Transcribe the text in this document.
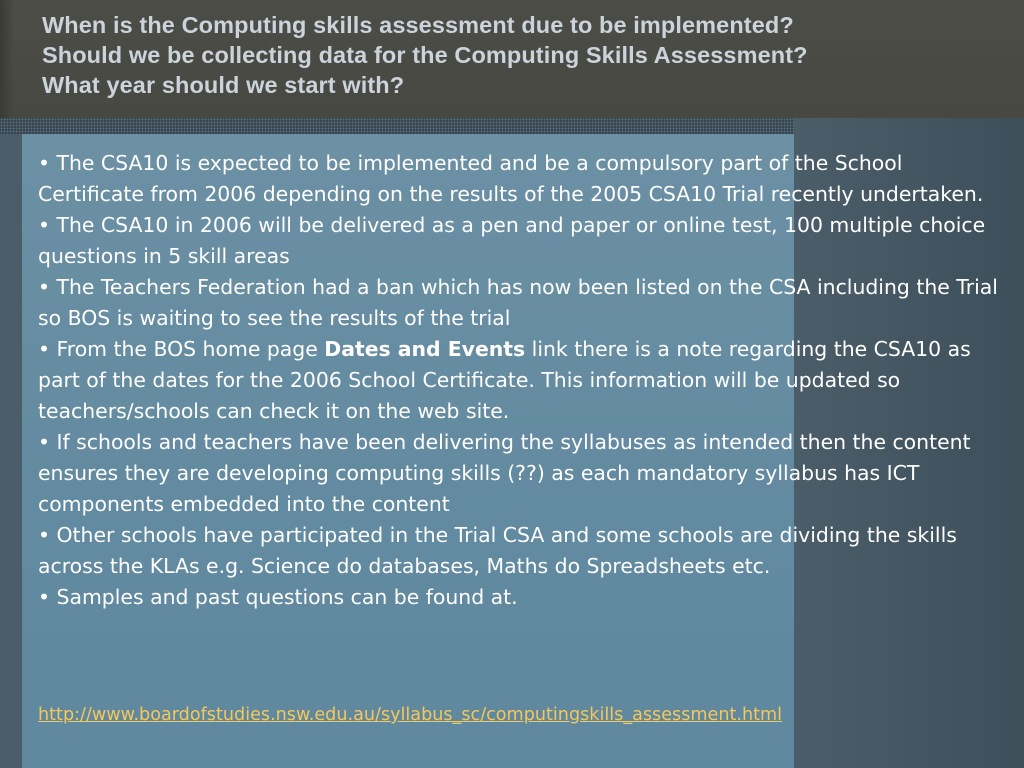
When is the Computing skills assessment due to be implemented?
Should we be collecting data for the Computing Skills Assessment?
What year should we start with?

• The CSA10 is expected to be implemented and be a compulsory part of the School Certificate from 2006 depending on the results of the 2005 CSA10 Trial recently undertaken.

• The CSA10 in 2006 will be delivered as a pen and paper or online test, 100 multiple choice questions in 5 skill areas

• The Teachers Federation had a ban which has now been listed on the CSA including the Trial so BOS is waiting to see the results of the trial

• From the BOS home page Dates and Events link there is a note regarding the CSA10 as part of the dates for the 2006 School Certificate. This information will be updated so teachers/schools can check it on the web site.

• If schools and teachers have been delivering the syllabuses as intended then the content ensures they are developing computing skills (??) as each mandatory syllabus has ICT components embedded into the content

• Other schools have participated in the Trial CSA and some schools are dividing the skills across the KLAs e.g. Science do databases, Maths do Spreadsheets etc.

• Samples and past questions can be found at.

http://www.boardofstudies.nsw.edu.au/syllabus_sc/computingskills_assessment.html
